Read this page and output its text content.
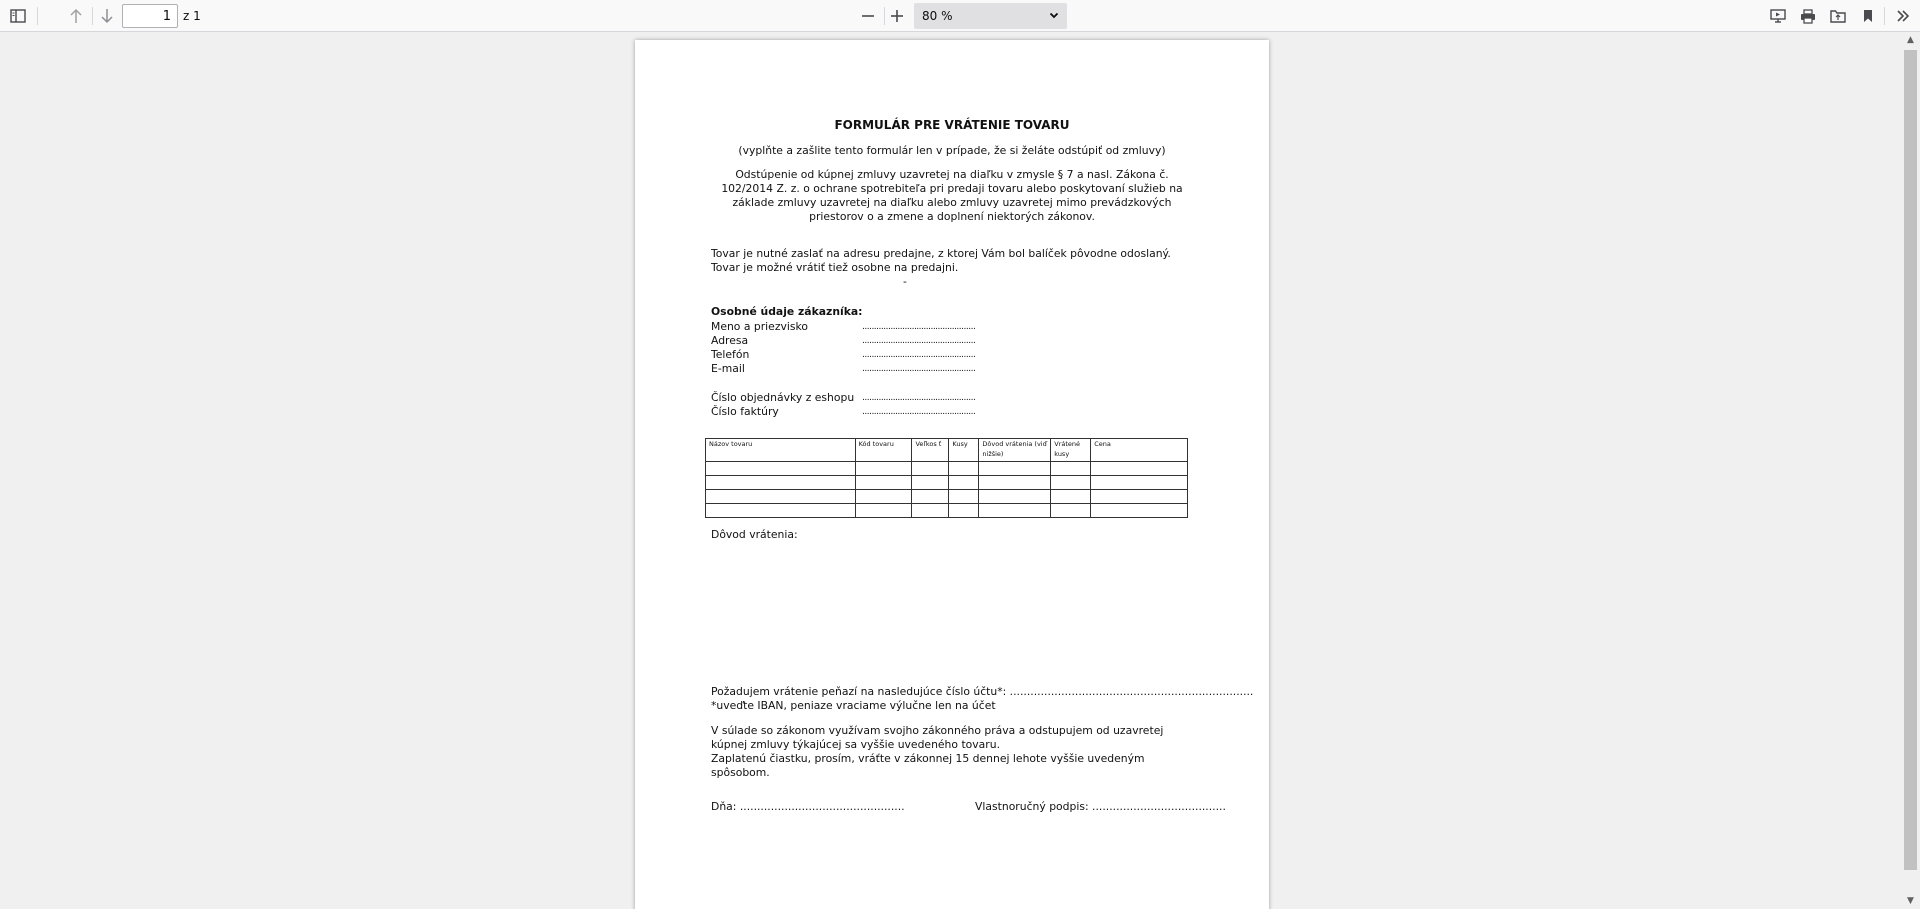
1
z 1	80 %
FORMULÁR PRE VRÁTENIE TOVARU
(vyplňte a zašlite tento formulár len v prípade, že si želáte odstúpiť od zmluvy)
Odstúpenie od kúpnej zmluvy uzavretej na diaľku v zmysle § 7 a nasl. Zákona č. 102/2014 Z. z. o ochrane spotrebiteľa pri predaji tovaru alebo poskytovaní služieb na základe zmluvy uzavretej na diaľku alebo zmluvy uzavretej mimo prevádzkových priestorov o a zmene a doplnení niektorých zákonov.
Tovar je nutné zaslať na adresu predajne, z ktorej Vám bol balíček pôvodne odoslaný. Tovar je možné vrátiť tiež osobne na predajni.
-
Osobné údaje zákazníka:
Meno a priezvisko	................................................
Adresa	................................................
Telefón	................................................
E-mail	................................................
Číslo objednávky z eshopu ................................................
Číslo faktúry	................................................
Názov tovaru	Kód tovaru	Veľkos ť	Kusy	Dôvod vrátenia (viď nižšie)	Vrátené kusy	Cena

Dôvod vrátenia:
Požadujem vrátenie peňazí na nasledujúce číslo účtu*: .......................................................................
*uveďte IBAN, peniaze vraciame výlučne len na účet
V súlade so zákonom využívam svojho zákonného práva a odstupujem od uzavretej kúpnej zmluvy týkajúcej sa vyššie uvedeného tovaru.
Zaplatenú čiastku, prosím, vráťte v zákonnej 15 dennej lehote vyššie uvedeným spôsobom.
Dňa: ................................................	Vlastnoručný podpis: .......................................
▲
▼
